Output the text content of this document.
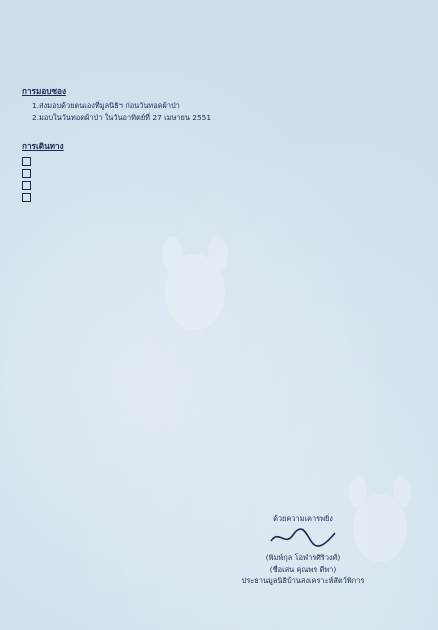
การมอบซอง
1.ส่งมอบด้วยตนเองที่มูลนิธิฯ ก่อนวันทอดผ้าป่า
2.มอบในวันทอดผ้าป่า ในวันอาทิตย์ที่ 27 เมษายน 2551
การเดินทาง

ด้วยความเคารพยิ่ง
(พิมพ์กุล โอฬารศิริวงศ์)
(ชื่อเล่น คุณพร ดีพา)
ประธานมูลนิธิบ้านสงเคราะห์สัตว์พิการ
